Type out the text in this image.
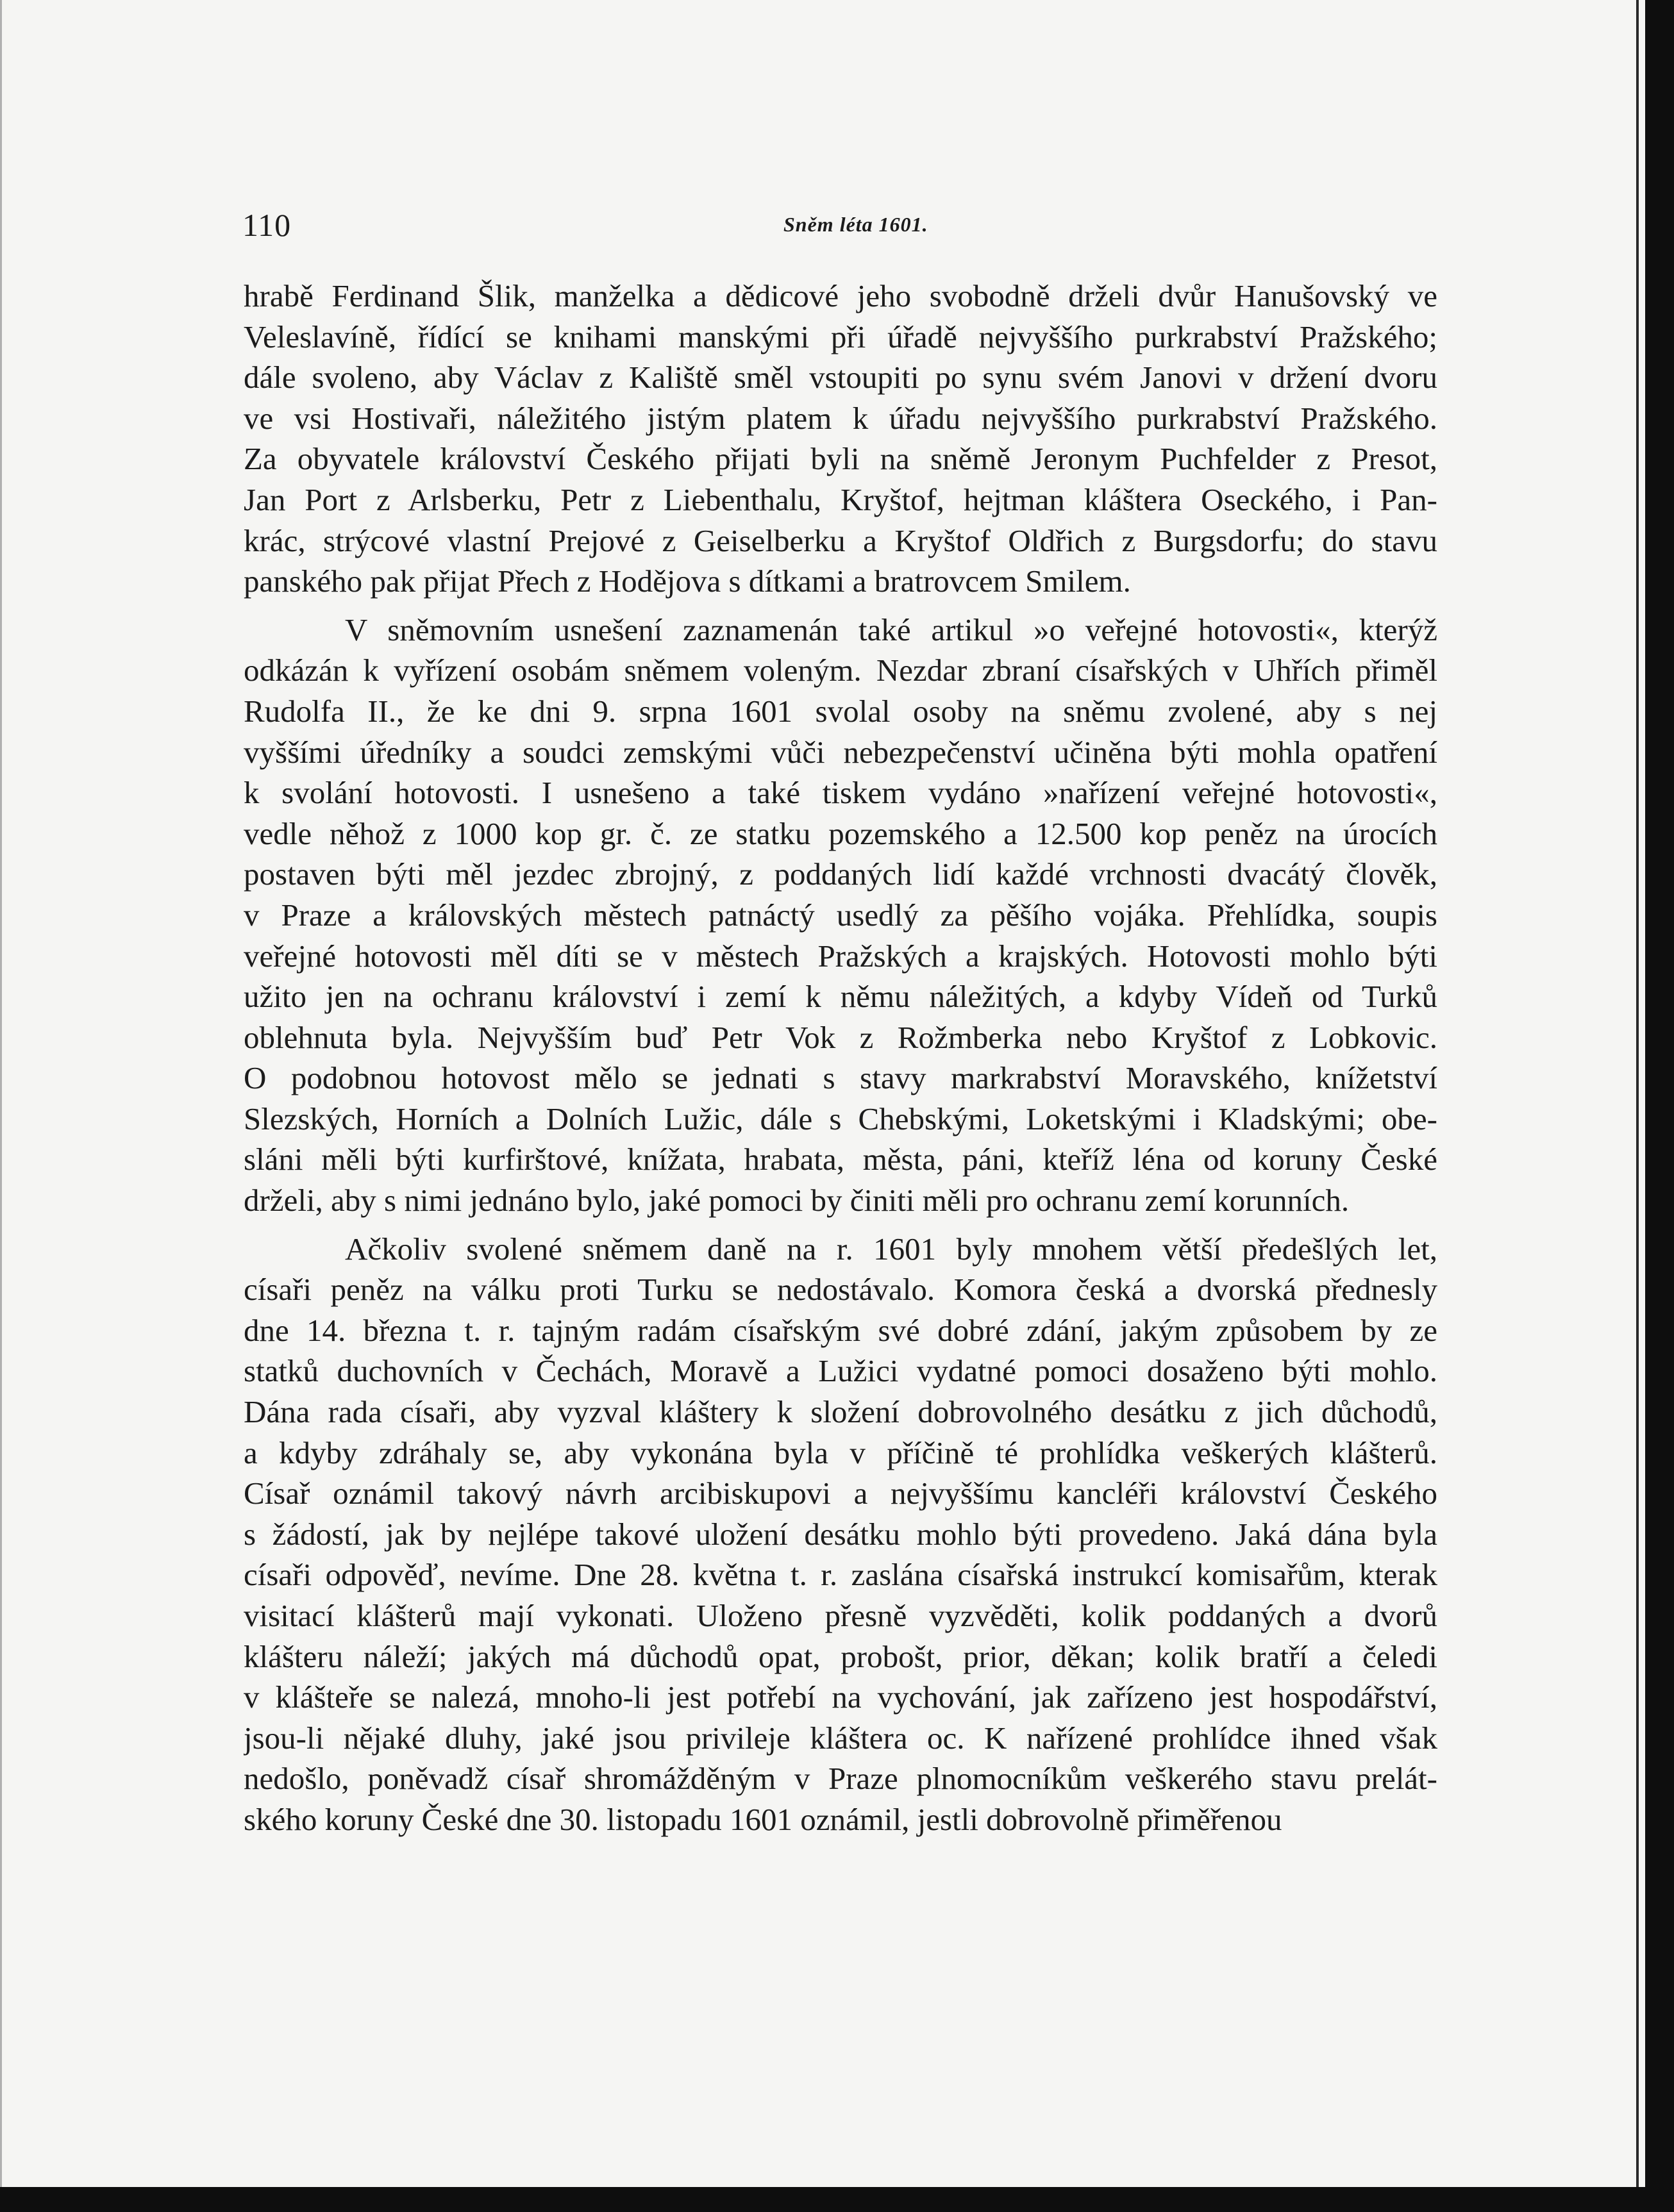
110	Sněm léta 1601.
hrabě Ferdinand Šlik, manželka a dědicové jeho svobodně drželi dvůr Hanušovský ve
Veleslavíně, řídící se knihami manskými při úřadě nejvyššího purkrabství Pražského;
dále svoleno, aby Václav z Kaliště směl vstoupiti po synu svém Janovi v držení dvoru
ve vsi Hostivaři, náležitého jistým platem k úřadu nejvyššího purkrabství Pražského.
Za obyvatele království Českého přijati byli na sněmě Jeronym Puchfelder z Presot,
Jan Port z Arlsberku, Petr z Liebenthalu, Kryštof, hejtman kláštera Oseckého, i Pan-
krác, strýcové vlastní Prejové z Geiselberku a Kryštof Oldřich z Burgsdorfu; do stavu
panského pak přijat Přech z Hodějova s dítkami a bratrovcem Smilem.
V sněmovním usnešení zaznamenán také artikul »o veřejné hotovosti«, kterýž
odkázán k vyřízení osobám sněmem voleným. Nezdar zbraní císařských v Uhřích přiměl
Rudolfa II., že ke dni 9. srpna 1601 svolal osoby na sněmu zvolené, aby s nej
vyššími úředníky a soudci zemskými vůči nebezpečenství učiněna býti mohla opatření
k svolání hotovosti. I usnešeno a také tiskem vydáno »nařízení veřejné hotovosti«,
vedle něhož z 1000 kop gr. č. ze statku pozemského a 12.500 kop peněz na úrocích
postaven býti měl jezdec zbrojný, z poddaných lidí každé vrchnosti dvacátý člověk,
v Praze a královských městech patnáctý usedlý za pěšího vojáka. Přehlídka, soupis
veřejné hotovosti měl díti se v městech Pražských a krajských. Hotovosti mohlo býti
užito jen na ochranu království i zemí k němu náležitých, a kdyby Vídeň od Turků
oblehnuta byla. Nejvyšším buď Petr Vok z Rožmberka nebo Kryštof z Lobkovic.
O podobnou hotovost mělo se jednati s stavy markrabství Moravského, knížetství
Slezských, Horních a Dolních Lužic, dále s Chebskými, Loketskými i Kladskými; obe-
sláni měli býti kurfirštové, knížata, hrabata, města, páni, kteříž léna od koruny České
drželi, aby s nimi jednáno bylo, jaké pomoci by činiti měli pro ochranu zemí korunních.
Ačkoliv svolené sněmem daně na r. 1601 byly mnohem větší předešlých let,
císaři peněz na válku proti Turku se nedostávalo. Komora česká a dvorská přednesly
dne 14. března t. r. tajným radám císařským své dobré zdání, jakým způsobem by ze
statků duchovních v Čechách, Moravě a Lužici vydatné pomoci dosaženo býti mohlo.
Dána rada císaři, aby vyzval kláštery k složení dobrovolného desátku z jich důchodů,
a kdyby zdráhaly se, aby vykonána byla v příčině té prohlídka veškerých klášterů.
Císař oznámil takový návrh arcibiskupovi a nejvyššímu kancléři království Českého
s žádostí, jak by nejlépe takové uložení desátku mohlo býti provedeno. Jaká dána byla
císaři odpověď, nevíme. Dne 28. května t. r. zaslána císařská instrukcí komisařům, kterak
visitací klášterů mají vykonati. Uloženo přesně vyzvěděti, kolik poddaných a dvorů
klášteru náleží; jakých má důchodů opat, probošt, prior, děkan; kolik bratří a čeledi
v klášteře se nalezá, mnoho-li jest potřebí na vychování, jak zařízeno jest hospodářství,
jsou-li nějaké dluhy, jaké jsou privileje kláštera oc. K nařízené prohlídce ihned však
nedošlo, poněvadž císař shromážděným v Praze plnomocníkům veškerého stavu prelát-
ského koruny České dne 30. listopadu 1601 oznámil, jestli dobrovolně přiměřenou
